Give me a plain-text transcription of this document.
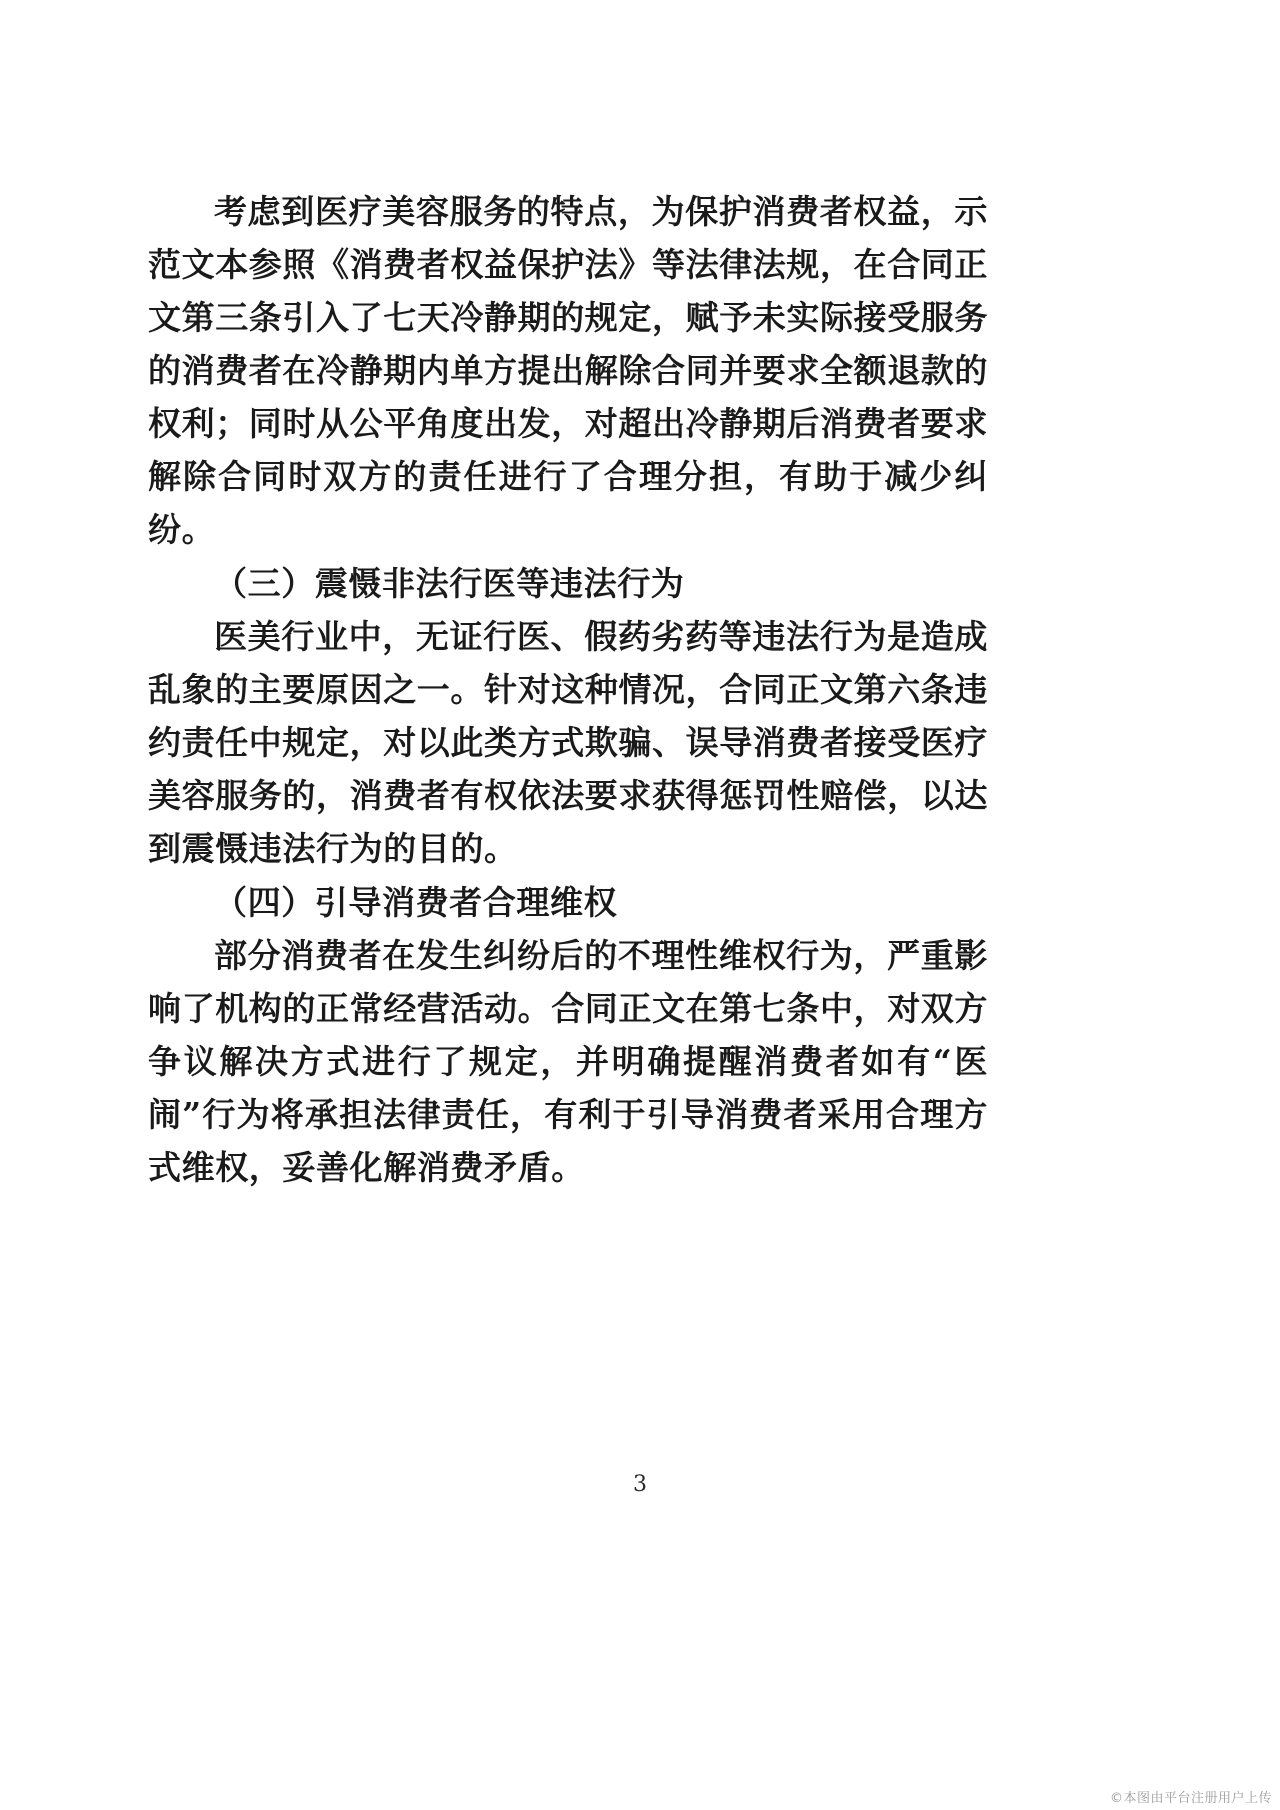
考虑到医疗美容服务的特点，为保护消费者权益，示范文本参照《消费者权益保护法》等法律法规，在合同正文第三条引入了七天冷静期的规定，赋予未实际接受服务的消费者在冷静期内单方提出解除合同并要求全额退款的权利；同时从公平角度出发，对超出冷静期后消费者要求解除合同时双方的责任进行了合理分担，有助于减少纠纷。

（三）震慑非法行医等违法行为

医美行业中，无证行医、假药劣药等违法行为是造成乱象的主要原因之一。针对这种情况，合同正文第六条违约责任中规定，对以此类方式欺骗、误导消费者接受医疗美容服务的，消费者有权依法要求获得惩罚性赔偿，以达到震慑违法行为的目的。

（四）引导消费者合理维权

部分消费者在发生纠纷后的不理性维权行为，严重影响了机构的正常经营活动。合同正文在第七条中，对双方争议解决方式进行了规定，并明确提醒消费者如有“医闹”行为将承担法律责任，有利于引导消费者采用合理方式维权，妥善化解消费矛盾。

3
©本图由平台注册用户上传
